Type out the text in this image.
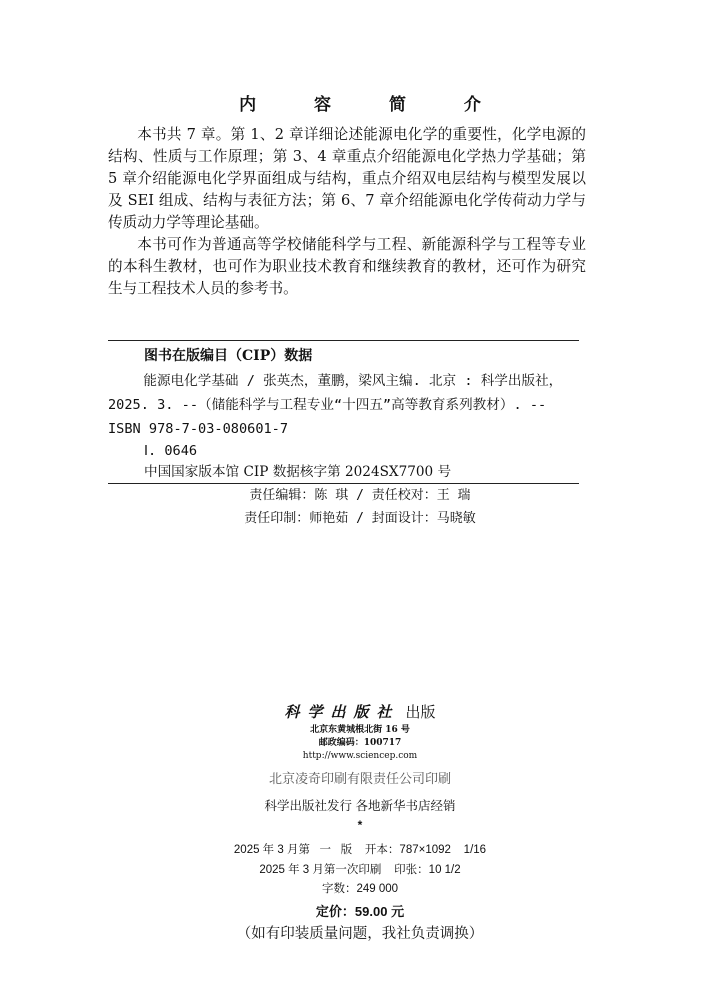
内 容 简 介

本书共 7 章。第 1、2 章详细论述能源电化学的重要性，化学电源的结构、性质与工作原理；第 3、4 章重点介绍能源电化学热力学基础；第 5 章介绍能源电化学界面组成与结构，重点介绍双电层结构与模型发展以及 SEI 组成、结构与表征方法；第 6、7 章介绍能源电化学传荷动力学与传质动力学等理论基础。

本书可作为普通高等学校储能科学与工程、新能源科学与工程等专业的本科生教材，也可作为职业技术教育和继续教育的教材，还可作为研究生与工程技术人员的参考书。

图书在版编目（CIP）数据
能源电化学基础 / 张英杰，董鹏，梁风主编. 北京 : 科学出版社，2025. 3. --（储能科学与工程专业“十四五”高等教育系列教材）. -- ISBN 978-7-03-080601-7
Ⅰ. 0646
中国国家版本馆 CIP 数据核字第 2024SX7700 号
责任编辑：陈 琪 / 责任校对：王 瑞
责任印制：师艳茹 / 封面设计：马晓敏
科学出版社 出版
北京东黄城根北街 16 号
邮政编码：100717
http://www.sciencep.com
北京凌奇印刷有限责任公司印刷
科学出版社发行 各地新华书店经销
*
2025 年 3 月第   一   版    开本：787×1092    1/16
2025 年 3 月第一次印刷    印张：10 1/2
字数：249 000
定价：59.00 元
（如有印装质量问题，我社负责调换）
